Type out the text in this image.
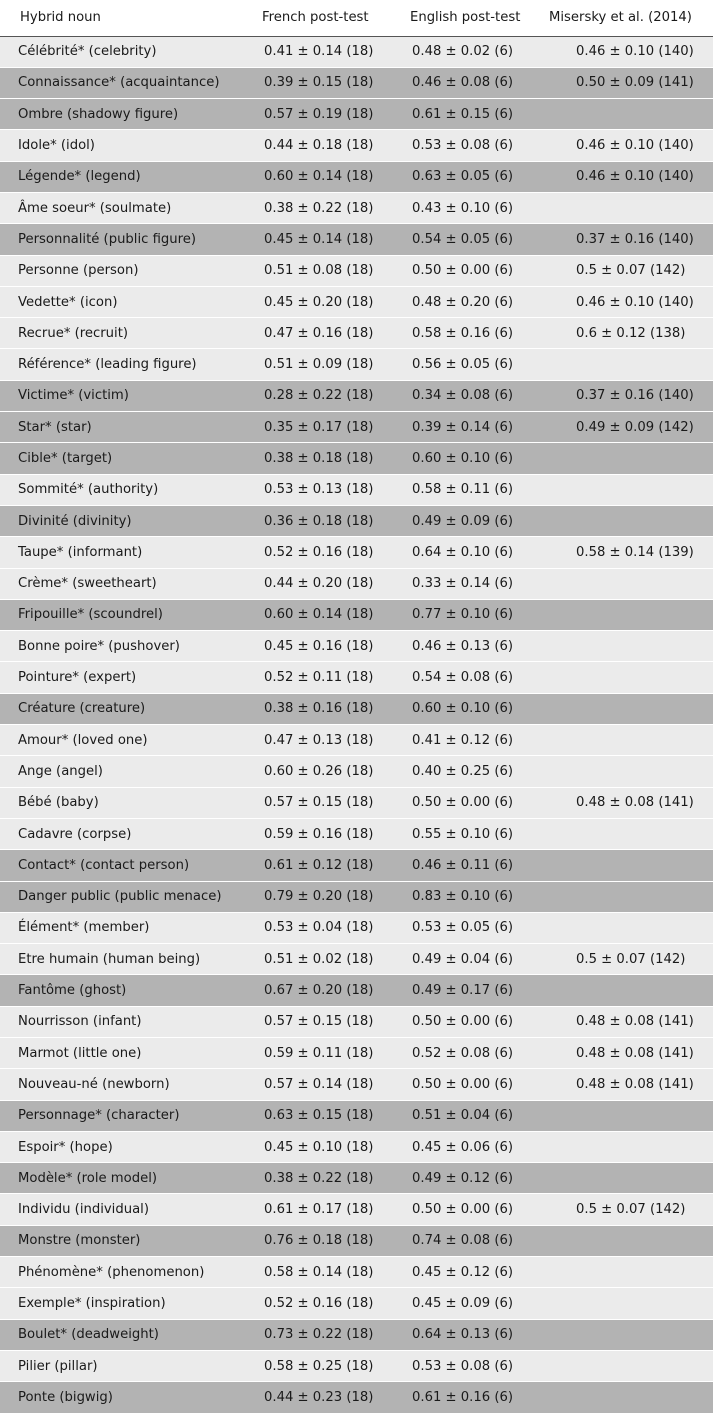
Hybrid noun	French post-test	English post-test	Misersky et al. (2014)
Célébrité* (celebrity)	0.41 ± 0.14 (18)	0.48 ± 0.02 (6)	0.46 ± 0.10 (140)
Connaissance* (acquaintance)	0.39 ± 0.15 (18)	0.46 ± 0.08 (6)	0.50 ± 0.09 (141)
Ombre (shadowy figure)	0.57 ± 0.19 (18)	0.61 ± 0.15 (6)	
Idole* (idol)	0.44 ± 0.18 (18)	0.53 ± 0.08 (6)	0.46 ± 0.10 (140)
Légende* (legend)	0.60 ± 0.14 (18)	0.63 ± 0.05 (6)	0.46 ± 0.10 (140)
Âme soeur* (soulmate)	0.38 ± 0.22 (18)	0.43 ± 0.10 (6)	
Personnalité (public figure)	0.45 ± 0.14 (18)	0.54 ± 0.05 (6)	0.37 ± 0.16 (140)
Personne (person)	0.51 ± 0.08 (18)	0.50 ± 0.00 (6)	0.5 ± 0.07 (142)
Vedette* (icon)	0.45 ± 0.20 (18)	0.48 ± 0.20 (6)	0.46 ± 0.10 (140)
Recrue* (recruit)	0.47 ± 0.16 (18)	0.58 ± 0.16 (6)	0.6 ± 0.12 (138)
Référence* (leading figure)	0.51 ± 0.09 (18)	0.56 ± 0.05 (6)	
Victime* (victim)	0.28 ± 0.22 (18)	0.34 ± 0.08 (6)	0.37 ± 0.16 (140)
Star* (star)	0.35 ± 0.17 (18)	0.39 ± 0.14 (6)	0.49 ± 0.09 (142)
Cible* (target)	0.38 ± 0.18 (18)	0.60 ± 0.10 (6)	
Sommité* (authority)	0.53 ± 0.13 (18)	0.58 ± 0.11 (6)	
Divinité (divinity)	0.36 ± 0.18 (18)	0.49 ± 0.09 (6)	
Taupe* (informant)	0.52 ± 0.16 (18)	0.64 ± 0.10 (6)	0.58 ± 0.14 (139)
Crème* (sweetheart)	0.44 ± 0.20 (18)	0.33 ± 0.14 (6)	
Fripouille* (scoundrel)	0.60 ± 0.14 (18)	0.77 ± 0.10 (6)	
Bonne poire* (pushover)	0.45 ± 0.16 (18)	0.46 ± 0.13 (6)	
Pointure* (expert)	0.52 ± 0.11 (18)	0.54 ± 0.08 (6)	
Créature (creature)	0.38 ± 0.16 (18)	0.60 ± 0.10 (6)	
Amour* (loved one)	0.47 ± 0.13 (18)	0.41 ± 0.12 (6)	
Ange (angel)	0.60 ± 0.26 (18)	0.40 ± 0.25 (6)	
Bébé (baby)	0.57 ± 0.15 (18)	0.50 ± 0.00 (6)	0.48 ± 0.08 (141)
Cadavre (corpse)	0.59 ± 0.16 (18)	0.55 ± 0.10 (6)	
Contact* (contact person)	0.61 ± 0.12 (18)	0.46 ± 0.11 (6)	
Danger public (public menace)	0.79 ± 0.20 (18)	0.83 ± 0.10 (6)	
Élément* (member)	0.53 ± 0.04 (18)	0.53 ± 0.05 (6)	
Etre humain (human being)	0.51 ± 0.02 (18)	0.49 ± 0.04 (6)	0.5 ± 0.07 (142)
Fantôme (ghost)	0.67 ± 0.20 (18)	0.49 ± 0.17 (6)	
Nourrisson (infant)	0.57 ± 0.15 (18)	0.50 ± 0.00 (6)	0.48 ± 0.08 (141)
Marmot (little one)	0.59 ± 0.11 (18)	0.52 ± 0.08 (6)	0.48 ± 0.08 (141)
Nouveau-né (newborn)	0.57 ± 0.14 (18)	0.50 ± 0.00 (6)	0.48 ± 0.08 (141)
Personnage* (character)	0.63 ± 0.15 (18)	0.51 ± 0.04 (6)	
Espoir* (hope)	0.45 ± 0.10 (18)	0.45 ± 0.06 (6)	
Modèle* (role model)	0.38 ± 0.22 (18)	0.49 ± 0.12 (6)	
Individu (individual)	0.61 ± 0.17 (18)	0.50 ± 0.00 (6)	0.5 ± 0.07 (142)
Monstre (monster)	0.76 ± 0.18 (18)	0.74 ± 0.08 (6)	
Phénomène* (phenomenon)	0.58 ± 0.14 (18)	0.45 ± 0.12 (6)	
Exemple* (inspiration)	0.52 ± 0.16 (18)	0.45 ± 0.09 (6)	
Boulet* (deadweight)	0.73 ± 0.22 (18)	0.64 ± 0.13 (6)	
Pilier (pillar)	0.58 ± 0.25 (18)	0.53 ± 0.08 (6)	
Ponte (bigwig)	0.44 ± 0.23 (18)	0.61 ± 0.16 (6)	
